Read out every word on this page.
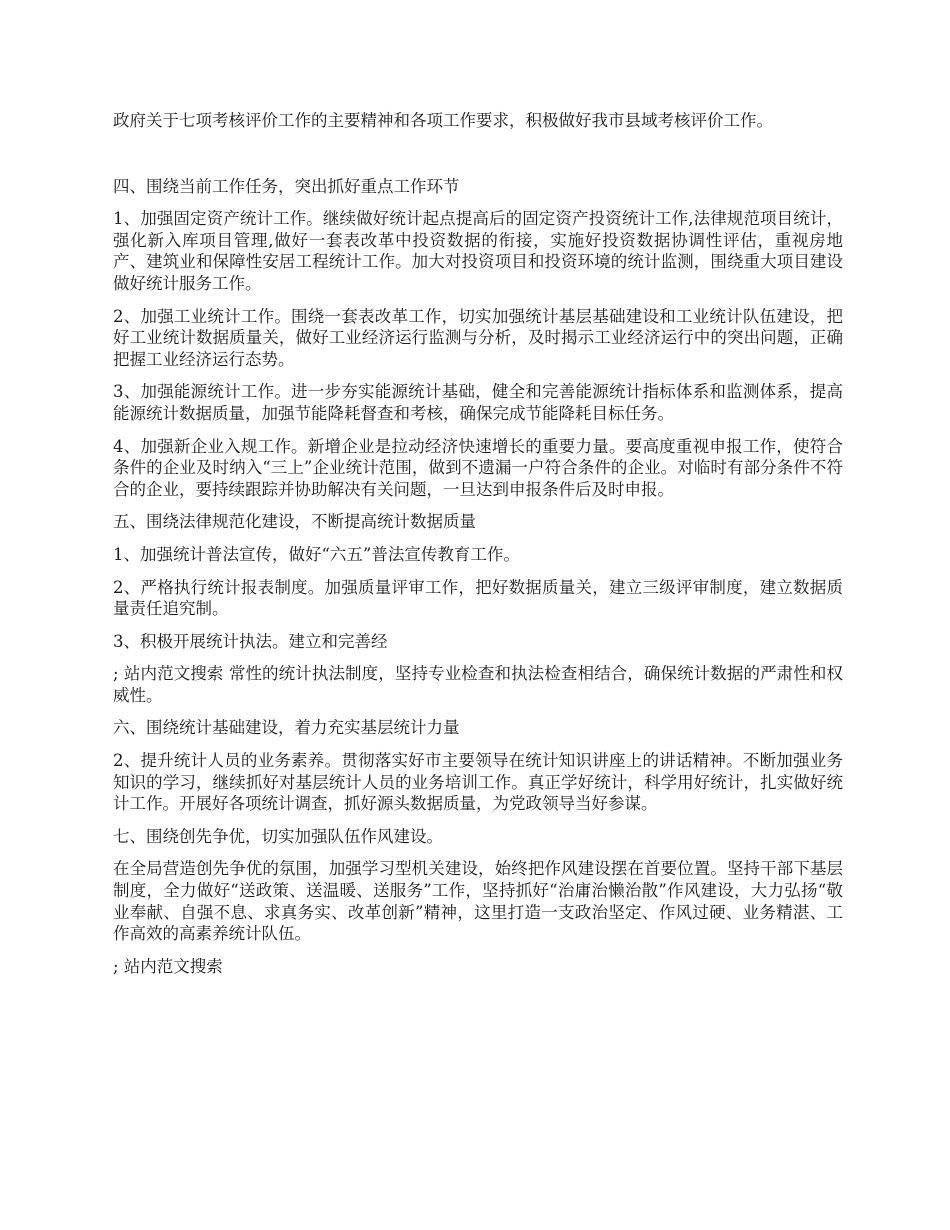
政府关于七项考核评价工作的主要精神和各项工作要求，积极做好我市县域考核评价工作。

四、围绕当前工作任务，突出抓好重点工作环节

1、加强固定资产统计工作。继续做好统计起点提高后的固定资产投资统计工作,法律规范项目统计，强化新入库项目管理,做好一套表改革中投资数据的衔接，实施好投资数据协调性评估，重视房地产、建筑业和保障性安居工程统计工作。加大对投资项目和投资环境的统计监测，围绕重大项目建设做好统计服务工作。

2、加强工业统计工作。围绕一套表改革工作，切实加强统计基层基础建设和工业统计队伍建设，把好工业统计数据质量关，做好工业经济运行监测与分析，及时揭示工业经济运行中的突出问题，正确把握工业经济运行态势。

3、加强能源统计工作。进一步夯实能源统计基础，健全和完善能源统计指标体系和监测体系，提高能源统计数据质量，加强节能降耗督查和考核，确保完成节能降耗目标任务。

4、加强新企业入规工作。新增企业是拉动经济快速增长的重要力量。要高度重视申报工作，使符合条件的企业及时纳入“三上”企业统计范围，做到不遗漏一户符合条件的企业。对临时有部分条件不符合的企业，要持续跟踪并协助解决有关问题，一旦达到申报条件后及时申报。

五、围绕法律规范化建设，不断提高统计数据质量

1、加强统计普法宣传，做好“六五”普法宣传教育工作。

2、严格执行统计报表制度。加强质量评审工作，把好数据质量关，建立三级评审制度，建立数据质量责任追究制。

3、积极开展统计执法。建立和完善经

; 站内范文搜索 常性的统计执法制度，坚持专业检查和执法检查相结合，确保统计数据的严肃性和权威性。

六、围绕统计基础建设，着力充实基层统计力量

2、提升统计人员的业务素养。贯彻落实好市主要领导在统计知识讲座上的讲话精神。不断加强业务知识的学习，继续抓好对基层统计人员的业务培训工作。真正学好统计，科学用好统计，扎实做好统计工作。开展好各项统计调查，抓好源头数据质量，为党政领导当好参谋。

七、围绕创先争优，切实加强队伍作风建设。

在全局营造创先争优的氛围，加强学习型机关建设，始终把作风建设摆在首要位置。坚持干部下基层制度，全力做好“送政策、送温暖、送服务”工作，坚持抓好“治庸治懒治散”作风建设，大力弘扬“敬业奉献、自强不息、求真务实、改革创新”精神，这里打造一支政治坚定、作风过硬、业务精湛、工作高效的高素养统计队伍。

; 站内范文搜索
